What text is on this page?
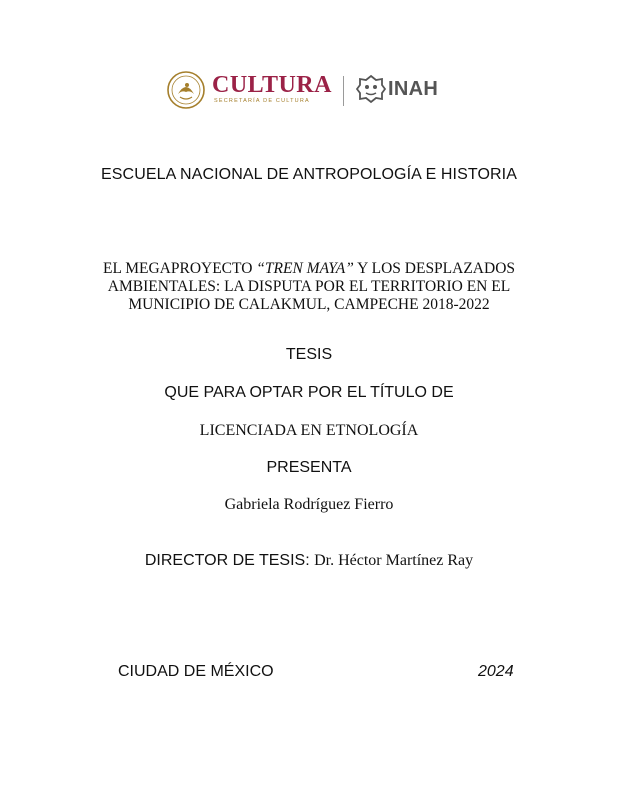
CULTURA
SECRETARÍA DE CULTURA
INAH
ESCUELA NACIONAL DE ANTROPOLOGÍA E HISTORIA
EL MEGAPROYECTO “TREN MAYA” Y LOS DESPLAZADOS AMBIENTALES: LA DISPUTA POR EL TERRITORIO EN EL MUNICIPIO DE CALAKMUL, CAMPECHE 2018-2022
TESIS
QUE PARA OPTAR POR EL TÍTULO DE
LICENCIADA EN ETNOLOGÍA
PRESENTA
Gabriela Rodríguez Fierro
DIRECTOR DE TESIS: Dr. Héctor Martínez Ray
CIUDAD DE MÉXICO	2024
